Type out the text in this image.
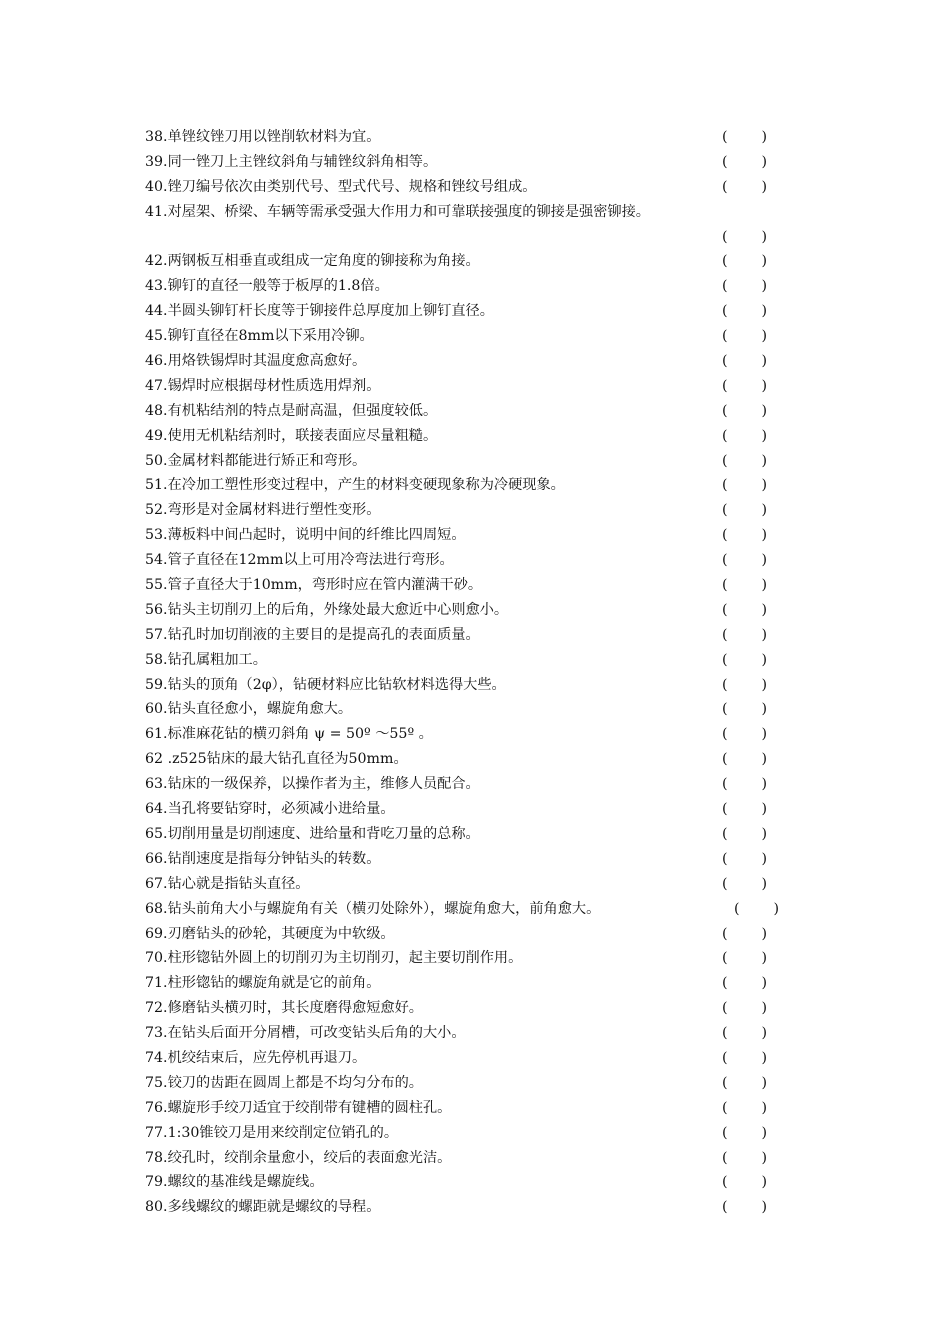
38.单锉纹锉刀用以锉削软材料为宜。	( )
39.同一锉刀上主锉纹斜角与辅锉纹斜角相等。	( )
40.锉刀编号依次由类别代号、型式代号、规格和锉纹号组成。	( )
41.对屋架、桥梁、车辆等需承受强大作用力和可靠联接强度的铆接是强密铆接。
( )
42.两钢板互相垂直或组成一定角度的铆接称为角接。	( )
43.铆钉的直径一般等于板厚的1.8倍。	( )
44.半圆头铆钉杆长度等于铆接件总厚度加上铆钉直径。	( )
45.铆钉直径在8mm以下采用冷铆。	( )
46.用烙铁锡焊时其温度愈高愈好。	( )
47.锡焊时应根据母材性质选用焊剂。	( )
48.有机粘结剂的特点是耐高温，但强度较低。	( )
49.使用无机粘结剂时，联接表面应尽量粗糙。	( )
50.金属材料都能进行矫正和弯形。	( )
51.在冷加工塑性形变过程中，产生的材料变硬现象称为冷硬现象。	( )
52.弯形是对金属材料进行塑性变形。	( )
53.薄板料中间凸起时，说明中间的纤维比四周短。	( )
54.管子直径在12mm以上可用冷弯法进行弯形。	( )
55.管子直径大于10mm，弯形时应在管内灌满干砂。	( )
56.钻头主切削刃上的后角，外缘处最大愈近中心则愈小。	( )
57.钻孔时加切削液的主要目的是提高孔的表面质量。	( )
58.钻孔属粗加工。	( )
59.钻头的顶角（2φ），钻硬材料应比钻软材料选得大些。	( )
60.钻头直径愈小，螺旋角愈大。	( )
61.标准麻花钻的横刃斜角 ψ = 50º ～55º 。	( )
62 .z525钻床的最大钻孔直径为50mm。	( )
63.钻床的一级保养，以操作者为主，维修人员配合。	( )
64.当孔将要钻穿时，必须减小进给量。	( )
65.切削用量是切削速度、进给量和背吃刀量的总称。	( )
66.钻削速度是指每分钟钻头的转数。	( )
67.钻心就是指钻头直径。	( )
68.钻头前角大小与螺旋角有关（横刃处除外），螺旋角愈大，前角愈大。	( )
69.刃磨钻头的砂轮，其硬度为中软级。	( )
70.柱形锪钻外圆上的切削刃为主切削刃，起主要切削作用。	( )
71.柱形锪钻的螺旋角就是它的前角。	( )
72.修磨钻头横刃时，其长度磨得愈短愈好。	( )
73.在钻头后面开分屑槽，可改变钻头后角的大小。	( )
74.机绞结束后，应先停机再退刀。	( )
75.铰刀的齿距在圆周上都是不均匀分布的。	( )
76.螺旋形手绞刀适宜于绞削带有键槽的圆柱孔。	( )
77.1:30锥铰刀是用来绞削定位销孔的。	( )
78.绞孔时，绞削余量愈小，绞后的表面愈光洁。	( )
79.螺纹的基准线是螺旋线。	( )
80.多线螺纹的螺距就是螺纹的导程。	( )
